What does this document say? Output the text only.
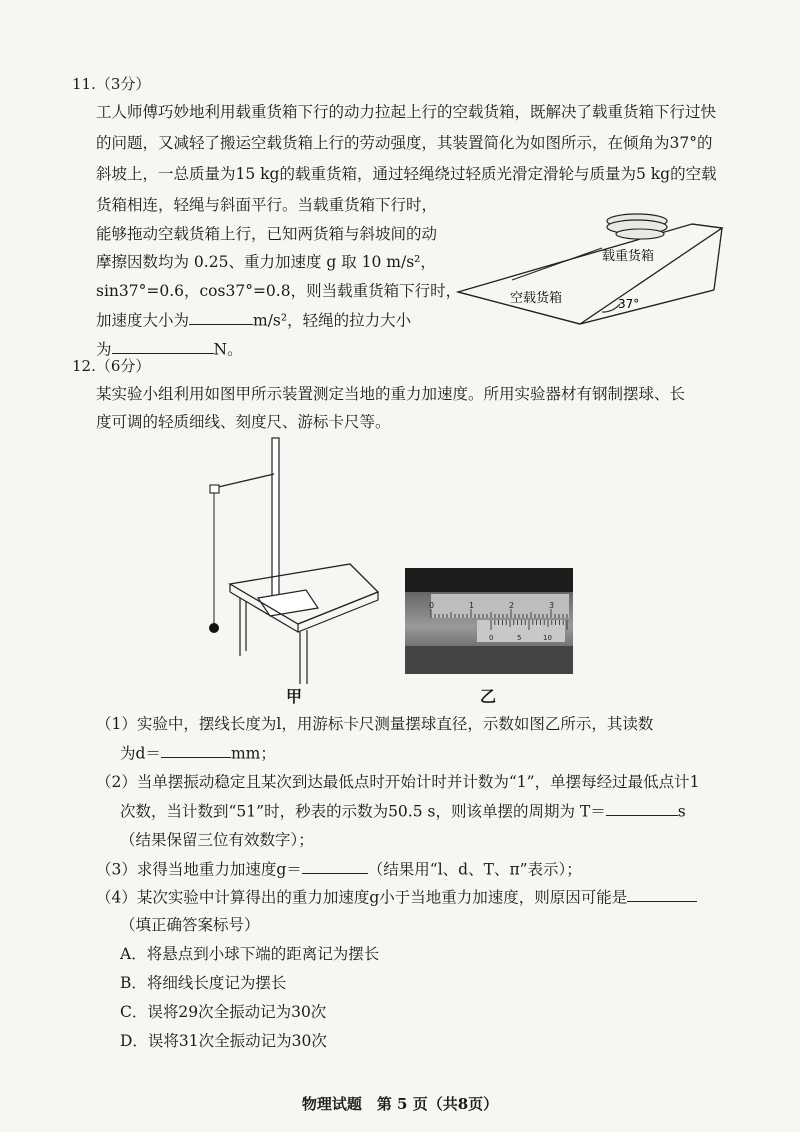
11.（3分）
工人师傅巧妙地利用载重货箱下行的动力拉起上行的空载货箱，既解决了载重货箱下行过快
的问题，又减轻了搬运空载货箱上行的劳动强度，其装置简化为如图所示，在倾角为37°的
斜坡上，一总质量为15 kg的载重货箱，通过轻绳绕过轻质光滑定滑轮与质量为5 kg的空载
货箱相连，轻绳与斜面平行。当载重货箱下行时，
能够拖动空载货箱上行，已知两货箱与斜坡间的动
摩擦因数均为 0.25、重力加速度 g 取 10 m/s²，
sin37°=0.6，cos37°=0.8，则当载重货箱下行时，
加速度大小为	m/s²，轻绳的拉力大小
为	N。
载重货箱
空载货箱	37°
12.（6分）
某实验小组利用如图甲所示装置测定当地的重力加速度。所用实验器材有钢制摆球、长
度可调的轻质细线、刻度尺、游标卡尺等。
0	1	2	3
0	5	10
甲	乙
（1）实验中，摆线长度为l，用游标卡尺测量摆球直径，示数如图乙所示，其读数
为d＝	mm；
（2）当单摆振动稳定且某次到达最低点时开始计时并计数为“1”，单摆每经过最低点计1
次数，当计数到“51”时，秒表的示数为50.5 s，则该单摆的周期为 T＝	s
（结果保留三位有效数字）；
（3）求得当地重力加速度g＝	（结果用“l、d、T、π”表示）；
（4）某次实验中计算得出的重力加速度g小于当地重力加速度，则原因可能是
（填正确答案标号）
A．将悬点到小球下端的距离记为摆长
B．将细线长度记为摆长
C．误将29次全振动记为30次
D．误将31次全振动记为30次
物理试题　第 5 页（共8页）
